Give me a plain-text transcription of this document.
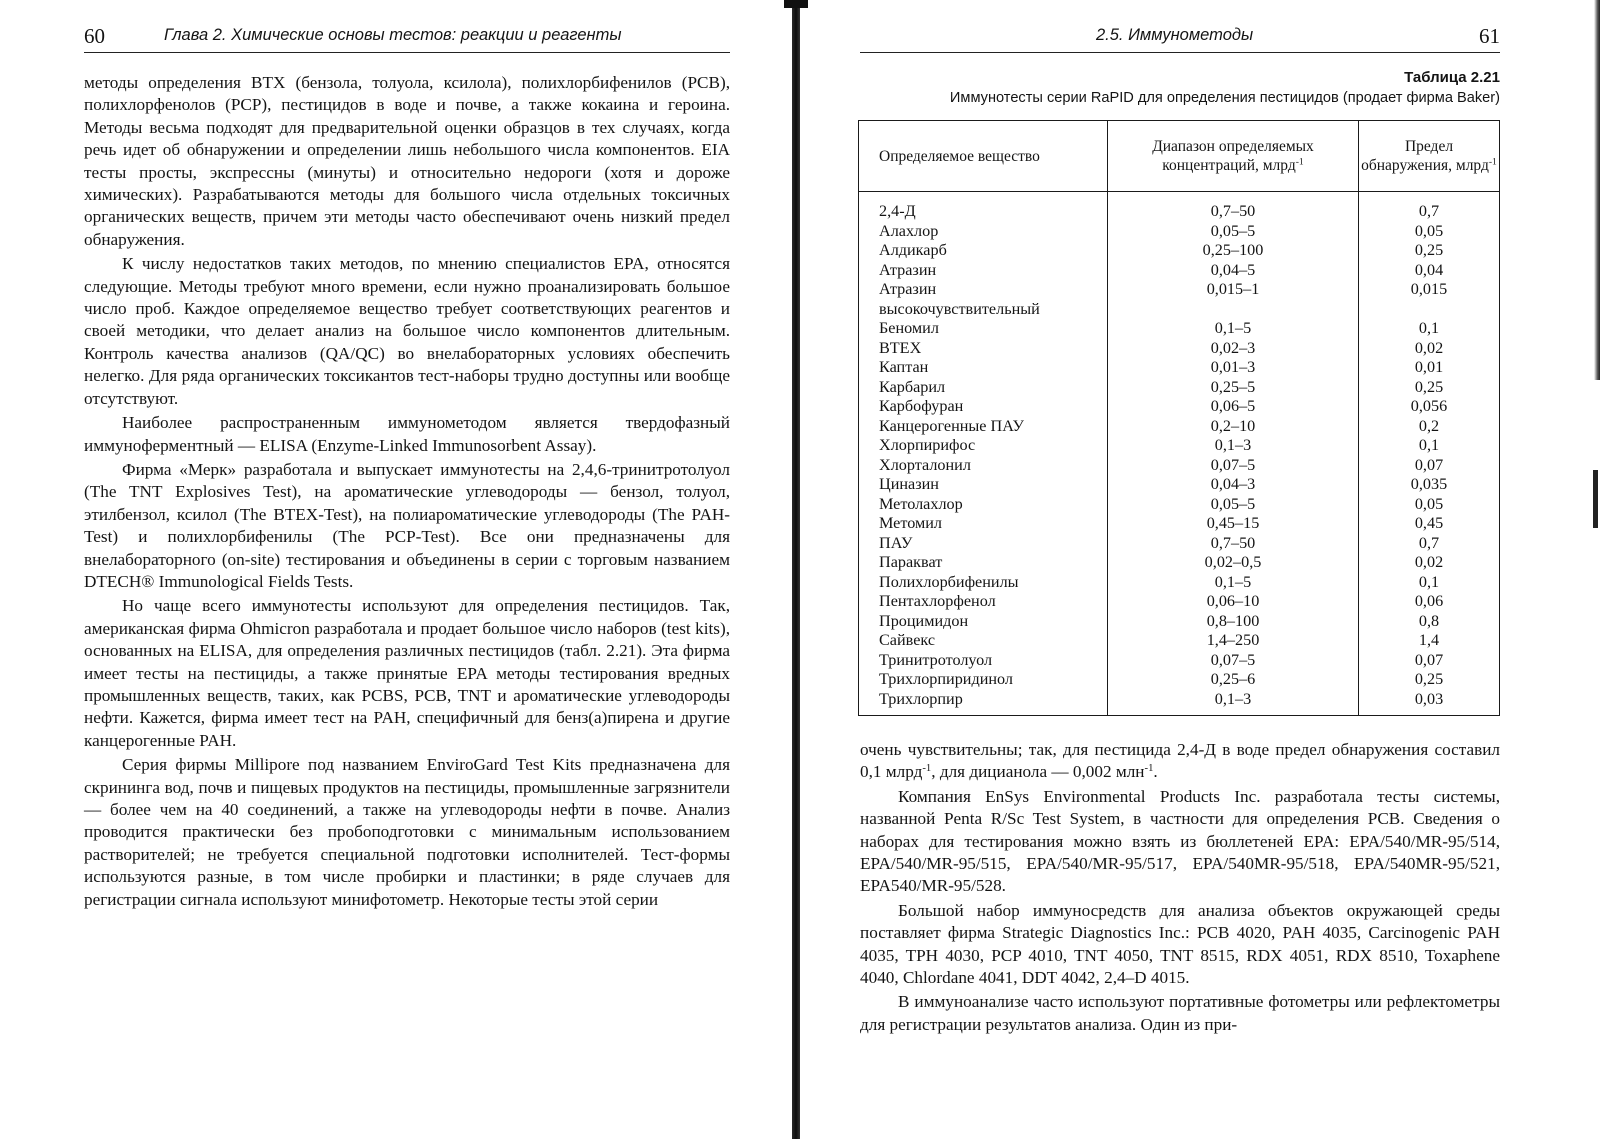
60	Глава 2. Химические основы тестов: реакции и реагенты

методы определения BTX (бензола, толуола, ксилола), полихлорбифенилов (PCB), полихлорфенолов (PCP), пестицидов в воде и почве, а также кокаина и героина. Методы весьма подходят для предварительной оценки образцов в тех случаях, когда речь идет об обнаружении и определении лишь небольшого числа компонентов. EIA тесты просты, экспрессны (минуты) и относительно недороги (хотя и дороже химических). Разрабатываются методы для большого числа отдельных токсичных органических веществ, причем эти методы часто обеспечивают очень низкий предел обнаружения.

К числу недостатков таких методов, по мнению специалистов EPA, относятся следующие. Методы требуют много времени, если нужно проанализировать большое число проб. Каждое определяемое вещество требует соответствующих реагентов и своей методики, что делает анализ на большое число компонентов длительным. Контроль качества анализов (QA/QC) во внелабораторных условиях обеспечить нелегко. Для ряда органических токсикантов тест-наборы трудно доступны или вообще отсутствуют.

Наиболее распространенным иммунометодом является твердофазный иммуноферментный — ELISA (Enzyme-Linked Immunosorbent Assay).

Фирма «Мерк» разработала и выпускает иммунотесты на 2,4,6-тринитротолуол (The TNT Explosives Test), на ароматические углеводороды — бензол, толуол, этилбензол, ксилол (The BTEX-Test), на полиароматические углеводороды (The PAH-Test) и полихлорбифенилы (The PCP-Test). Все они предназначены для внелабораторного (on-site) тестирования и объединены в серии с торговым названием DTECH® Immunological Fields Tests.

Но чаще всего иммунотесты используют для определения пестицидов. Так, американская фирма Ohmicron разработала и продает большое число наборов (test kits), основанных на ELISA, для определения различных пестицидов (табл. 2.21). Эта фирма имеет тесты на пестициды, а также принятые EPA методы тестирования вредных промышленных веществ, таких, как PCBS, PCB, TNT и ароматические углеводороды нефти. Кажется, фирма имеет тест на PAH, специфичный для бенз(а)пирена и другие канцерогенные PAH.

Серия фирмы Millipore под названием EnviroGard Test Kits предназначена для скрининга вод, почв и пищевых продуктов на пестициды, промышленные загрязнители — более чем на 40 соединений, а также на углеводороды нефти в почве. Анализ проводится практически без пробоподготовки с минимальным использованием растворителей; не требуется специальной подготовки исполнителей. Тест-формы используются разные, в том числе пробирки и пластинки; в ряде случаев для регистрации сигнала используют минифотометр. Некоторые тесты этой серии

2.5. Иммунометоды	61
Таблица 2.21
Иммунотесты серии RaPID для определения пестицидов (продает фирма Baker)
Определяемое вещество	Диапазон определяемых концентраций, млрд$^{-1}$	Предел обнаружения, млрд$^{-1}$
2,4-Д	0,7–50	0,7
Алахлор	0,05–5	0,05
Алдикарб	0,25–100	0,25
Атразин	0,04–5	0,04
Атразин высокочувствительный	0,015–1	0,015
Беномил	0,1–5	0,1
BTEX	0,02–3	0,02
Каптан	0,01–3	0,01
Карбарил	0,25–5	0,25
Карбофуран	0,06–5	0,056
Канцерогенные ПАУ	0,2–10	0,2
Хлорпирифос	0,1–3	0,1
Хлорталонил	0,07–5	0,07
Циназин	0,04–3	0,035
Метолахлор	0,05–5	0,05
Метомил	0,45–15	0,45
ПАУ	0,7–50	0,7
Паракват	0,02–0,5	0,02
Полихлорбифенилы	0,1–5	0,1
Пентахлорфенол	0,06–10	0,06
Процимидон	0,8–100	0,8
Сайвекс	1,4–250	1,4
Тринитротолуол	0,07–5	0,07
Трихлорпиридинол	0,25–6	0,25
Трихлорпир	0,1–3	0,03

очень чувствительны; так, для пестицида 2,4-Д в воде предел обнаружения составил 0,1 млрд$^{-1}$, для дицианола — 0,002 млн$^{-1}$.

Компания EnSys Environmental Products Inc. разработала тесты системы, названной Penta R/Sc Test System, в частности для определения PCB. Сведения о наборах для тестирования можно взять из бюллетеней EPA: EPA/540/MR-95/514, EPA/540/MR-95/515, EPA/540/MR-95/517, EPA/540MR-95/518, EPA/540MR-95/521, EPA540/MR-95/528.

Большой набор иммуносредств для анализа объектов окружающей среды поставляет фирма Strategic Diagnostics Inc.: PCB 4020, PAH 4035, Carcinogenic PAH 4035, TPH 4030, PCP 4010, TNT 4050, TNT 8515, RDX 4051, RDX 8510, Toxaphene 4040, Chlordane 4041, DDT 4042, 2,4–D 4015.

В иммуноанализе часто используют портативные фотометры или рефлектометры для регистрации результатов анализа. Один из при-
